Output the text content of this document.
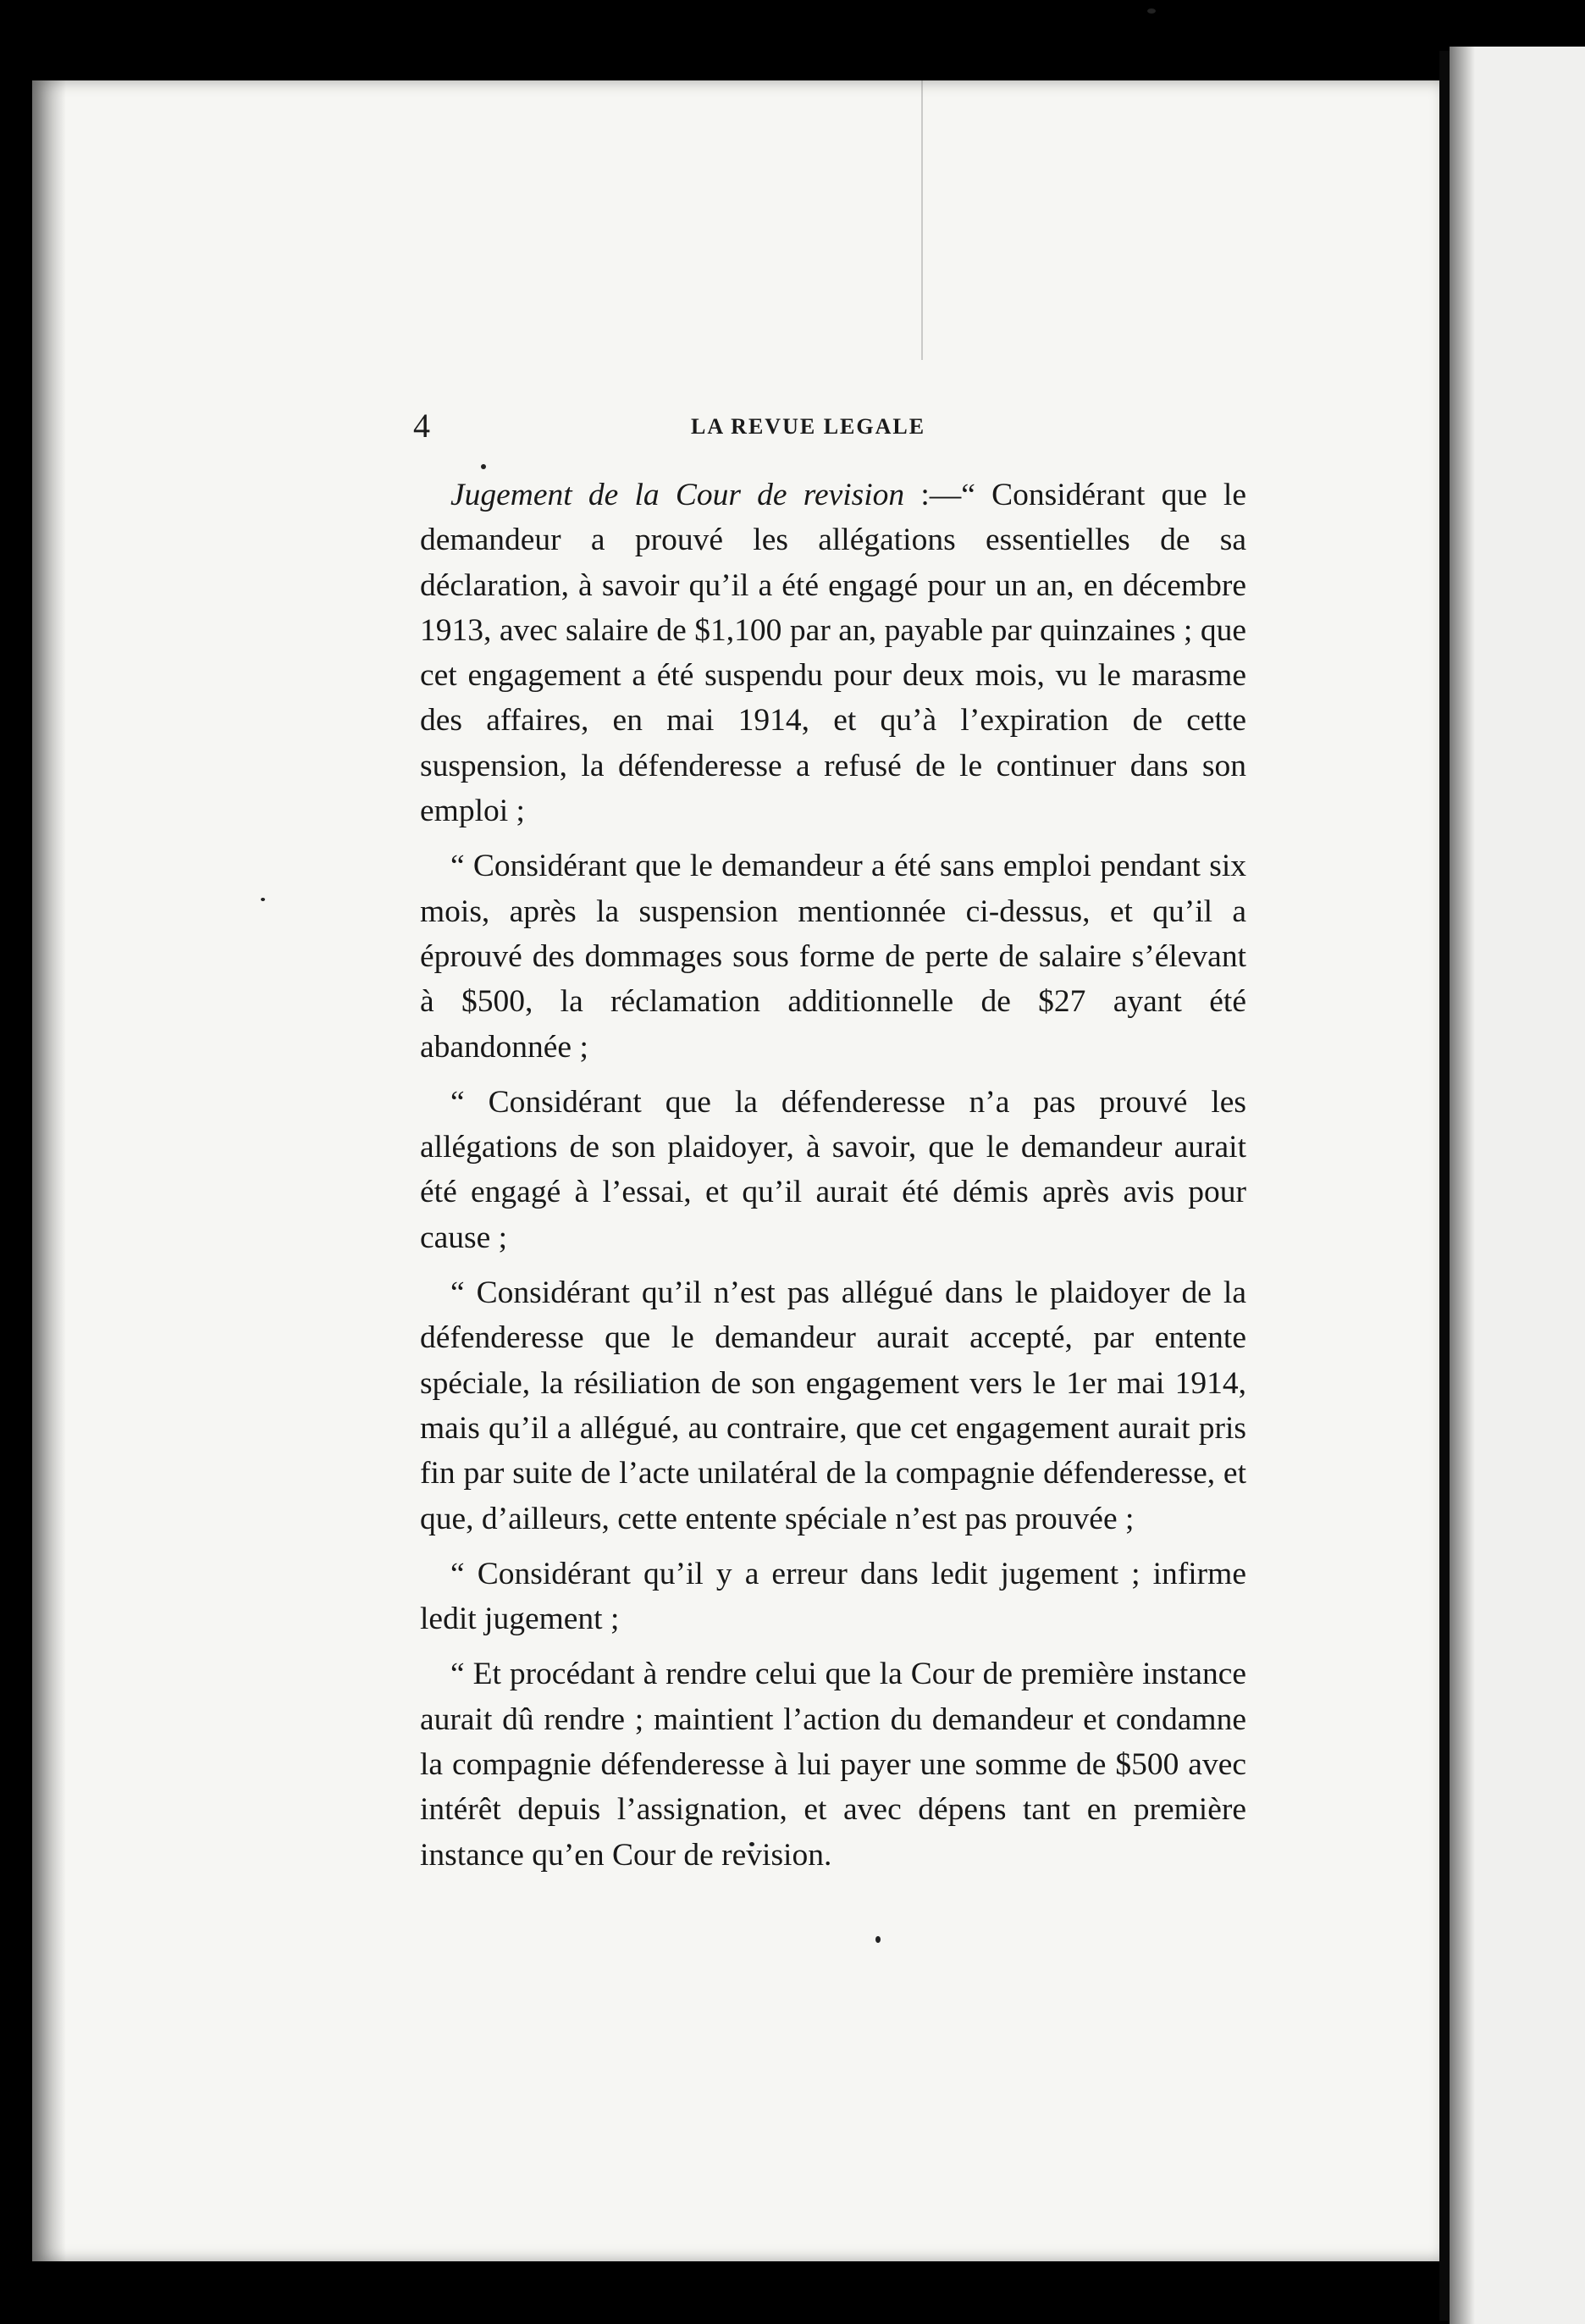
4	LA REVUE LEGALE

Jugement de la Cour de revision :—“ Considérant que le demandeur a prouvé les allégations essentielles de sa déclaration, à savoir qu’il a été engagé pour un an, en décembre 1913, avec salaire de $1,100 par an, payable par quinzaines ; que cet engagement a été suspendu pour deux mois, vu le marasme des affaires, en mai 1914, et qu’à l’expiration de cette suspension, la défenderesse a refusé de le continuer dans son emploi ;

“ Considérant que le demandeur a été sans emploi pendant six mois, après la suspension mentionnée ci-dessus, et qu’il a éprouvé des dommages sous forme de perte de salaire s’élevant à $500, la réclamation additionnelle de $27 ayant été abandonnée ;

“ Considérant que la défenderesse n’a pas prouvé les allégations de son plaidoyer, à savoir, que le demandeur aurait été engagé à l’essai, et qu’il aurait été démis après avis pour cause ;

“ Considérant qu’il n’est pas allégué dans le plaidoyer de la défenderesse que le demandeur aurait accepté, par entente spéciale, la résiliation de son engagement vers le 1er mai 1914, mais qu’il a allégué, au contraire, que cet engagement aurait pris fin par suite de l’acte unilatéral de la compagnie défenderesse, et que, d’ailleurs, cette entente spéciale n’est pas prouvée ;

“ Considérant qu’il y a erreur dans ledit jugement ; infirme ledit jugement ;

“ Et procédant à rendre celui que la Cour de première instance aurait dû rendre ; maintient l’action du demandeur et condamne la compagnie défenderesse à lui payer une somme de $500 avec intérêt depuis l’assignation, et avec dépens tant en première instance qu’en Cour de revision.
